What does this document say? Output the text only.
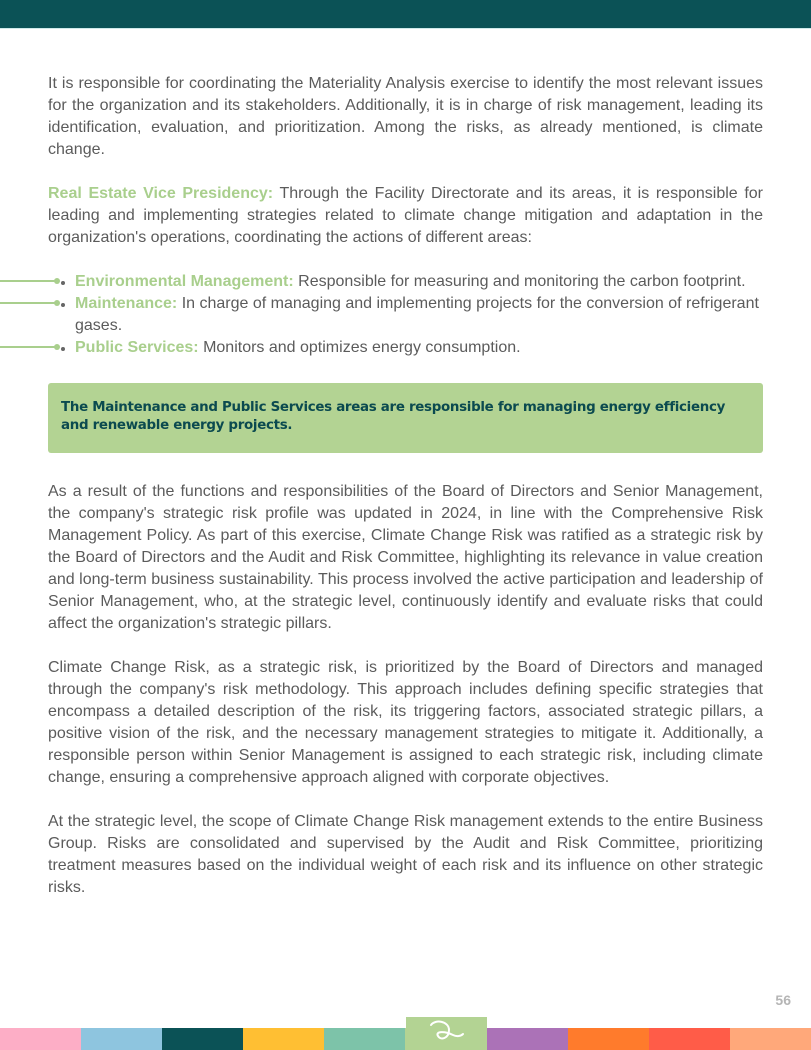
It is responsible for coordinating the Materiality Analysis exercise to identify the most relevant issues for the organization and its stakeholders. Additionally, it is in charge of risk management, leading its identification, evaluation, and prioritization. Among the risks, as already mentioned, is climate change.

Real Estate Vice Presidency: Through the Facility Directorate and its areas, it is responsible for leading and implementing strategies related to climate change mitigation and adaptation in the organization's operations, coordinating the actions of different areas:

Environmental Management: Responsible for measuring and monitoring the carbon footprint.
Maintenance: In charge of managing and implementing projects for the conversion of refrigerant gases.
Public Services: Monitors and optimizes energy consumption.
The Maintenance and Public Services areas are responsible for managing energy efficiency and renewable energy projects.

As a result of the functions and responsibilities of the Board of Directors and Senior Management, the company's strategic risk profile was updated in 2024, in line with the Comprehensive Risk Management Policy. As part of this exercise, Climate Change Risk was ratified as a strategic risk by the Board of Directors and the Audit and Risk Committee, highlighting its relevance in value creation and long-term business sustainability. This process involved the active participation and leadership of Senior Management, who, at the strategic level, continuously identify and evaluate risks that could affect the organization's strategic pillars.

Climate Change Risk, as a strategic risk, is prioritized by the Board of Directors and managed through the company's risk methodology. This approach includes defining specific strategies that encompass a detailed description of the risk, its triggering factors, associated strategic pillars, a positive vision of the risk, and the necessary management strategies to mitigate it. Additionally, a responsible person within Senior Management is assigned to each strategic risk, including climate change, ensuring a comprehensive approach aligned with corporate objectives.

At the strategic level, the scope of Climate Change Risk management extends to the entire Business Group. Risks are consolidated and supervised by the Audit and Risk Committee, prioritizing treatment measures based on the individual weight of each risk and its influence on other strategic risks.

56
